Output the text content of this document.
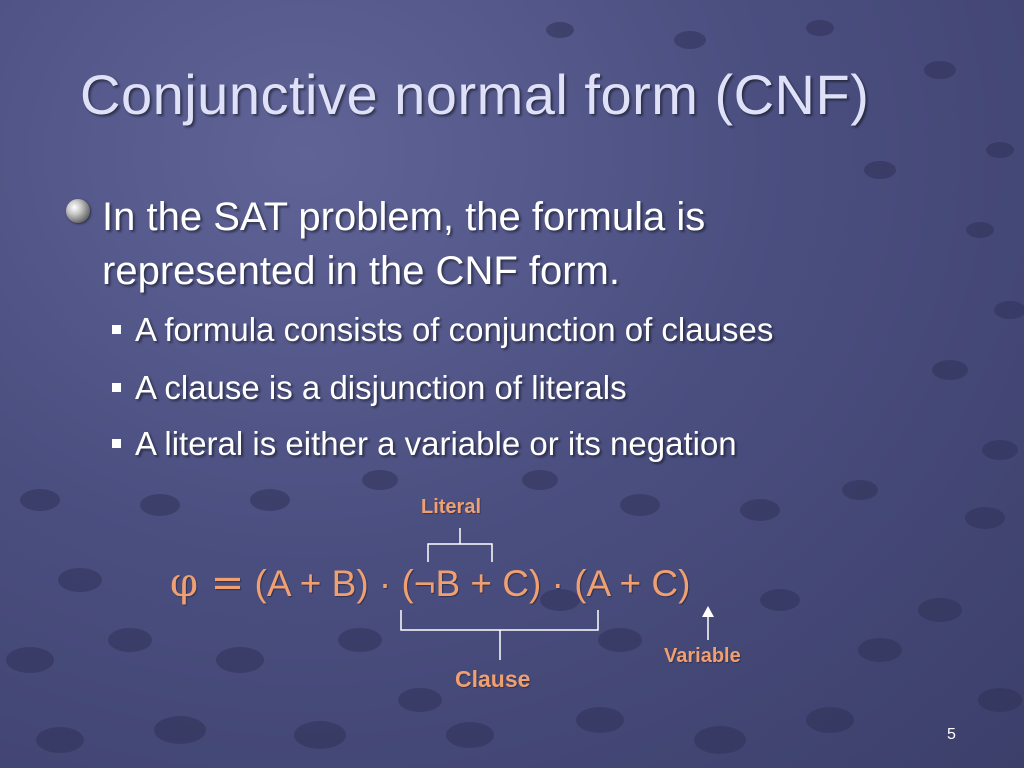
Conjunctive normal form (CNF)

In the SAT problem, the formula is represented in the CNF form.

A formula consists of conjunction of clauses
A clause is a disjunction of literals
A literal is either a variable or its negation
Literal
φ = (A + B) · (¬B + C) · (A + C)
Clause
Variable
5
